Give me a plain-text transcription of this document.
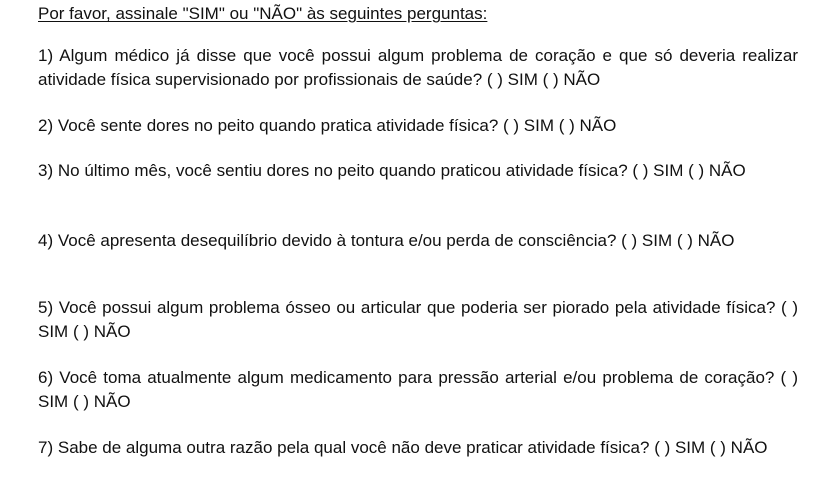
Por favor, assinale "SIM" ou "NÃO" às seguintes perguntas:

1) Algum médico já disse que você possui algum problema de coração e que só deveria realizar atividade física supervisionado por profissionais de saúde? ( ) SIM ( ) NÃO

2) Você sente dores no peito quando pratica atividade física? ( ) SIM ( ) NÃO

3) No último mês, você sentiu dores no peito quando praticou atividade física? ( ) SIM ( ) NÃO

4) Você apresenta desequilíbrio devido à tontura e/ou perda de consciência? ( ) SIM ( ) NÃO

5) Você possui algum problema ósseo ou articular que poderia ser piorado pela atividade física? ( ) SIM ( ) NÃO

6) Você toma atualmente algum medicamento para pressão arterial e/ou problema de coração? ( ) SIM ( ) NÃO

7) Sabe de alguma outra razão pela qual você não deve praticar atividade física? ( ) SIM ( ) NÃO
